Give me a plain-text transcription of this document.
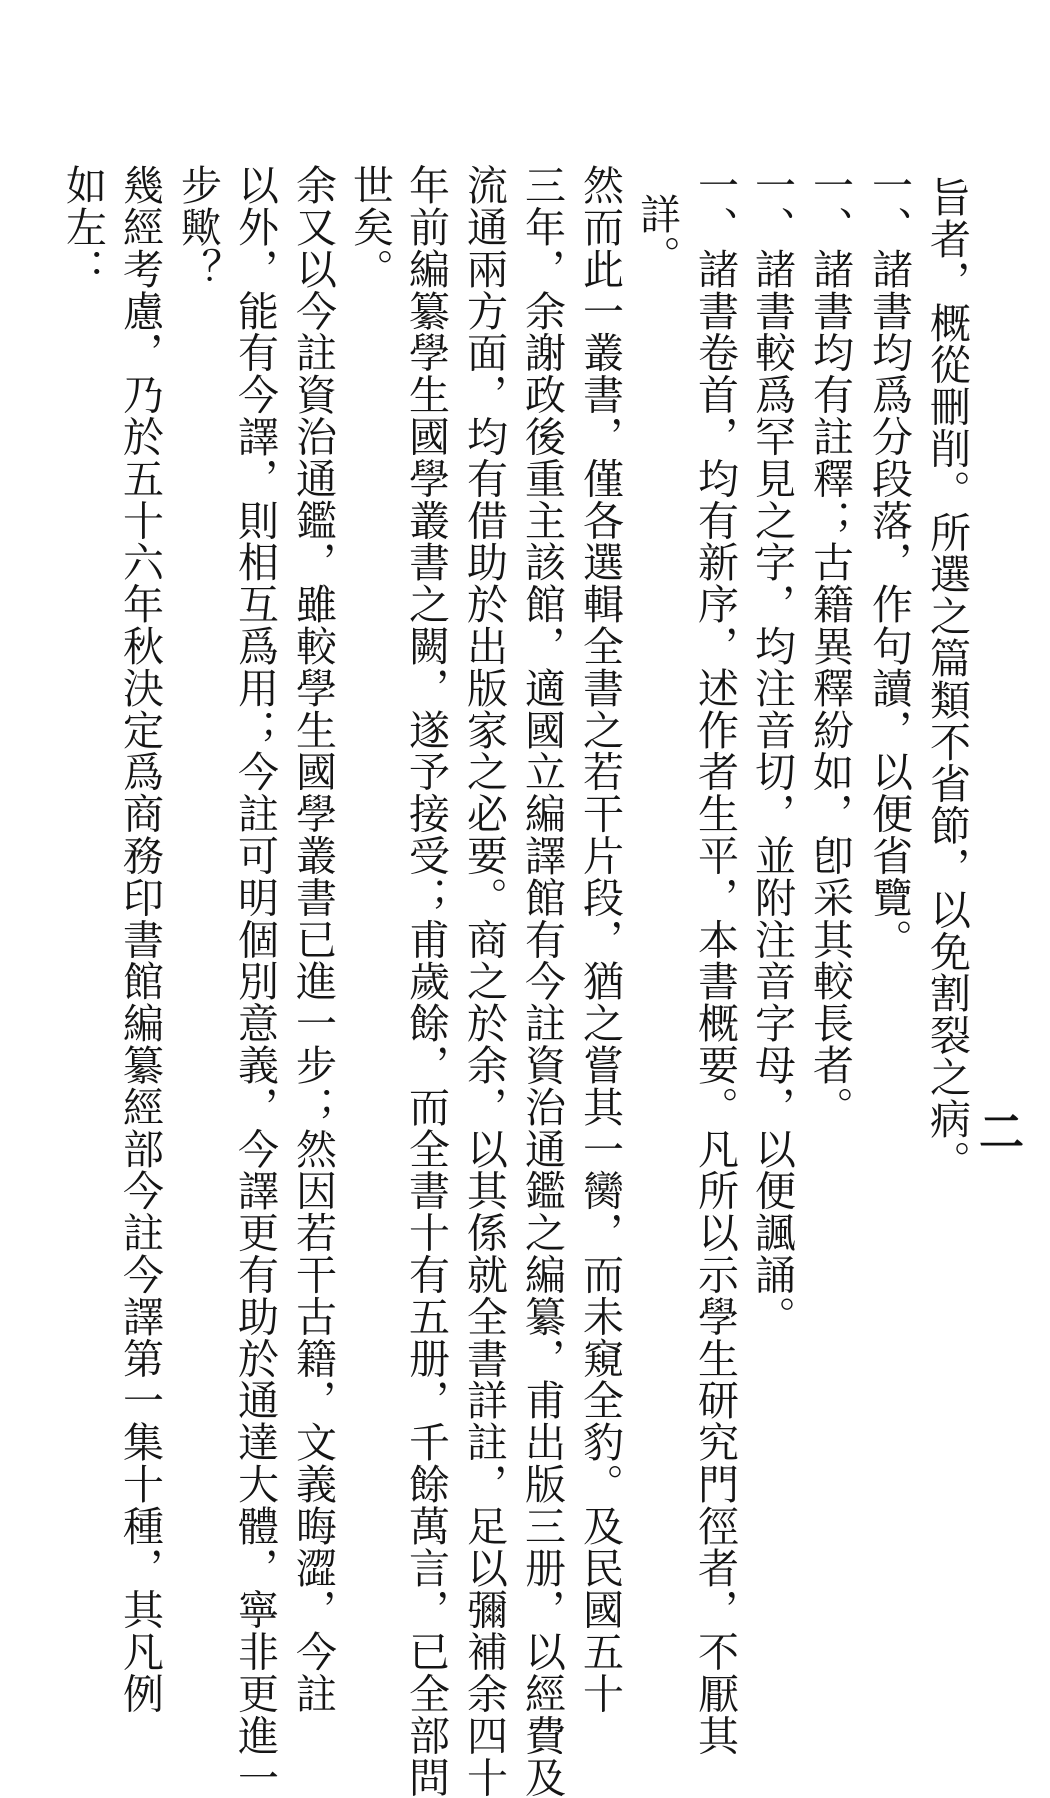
二
旨者，概從刪削。所選之篇類不省節，以免割裂之病。
一、諸書均爲分段落，作句讀，以便省覽。
一、諸書均有註釋；古籍異釋紛如，卽采其較長者。
一、諸書較爲罕見之字，均注音切，並附注音字母，以便諷誦。
一、諸書卷首，均有新序，述作者生平，本書概要。凡所以示學生研究門徑者，不厭其
詳。
然而此一叢書，僅各選輯全書之若干片段，猶之嘗其一臠，而未窺全豹。及民國五十
三年，余謝政後重主該館，適國立編譯館有今註資治通鑑之編纂，甫出版三册，以經費及
流通兩方面，均有借助於出版家之必要。商之於余，以其係就全書詳註，足以彌補余四十
年前編纂學生國學叢書之闕，遂予接受；甫歲餘，而全書十有五册，千餘萬言，已全部問
世矣。
余又以今註資治通鑑，雖較學生國學叢書已進一步；然因若干古籍，文義晦澀，今註
以外，能有今譯，則相互爲用；今註可明個別意義，今譯更有助於通達大體，寧非更進一
步歟？
幾經考慮，乃於五十六年秋決定爲商務印書館編纂經部今註今譯第一集十種，其凡例
如左：
